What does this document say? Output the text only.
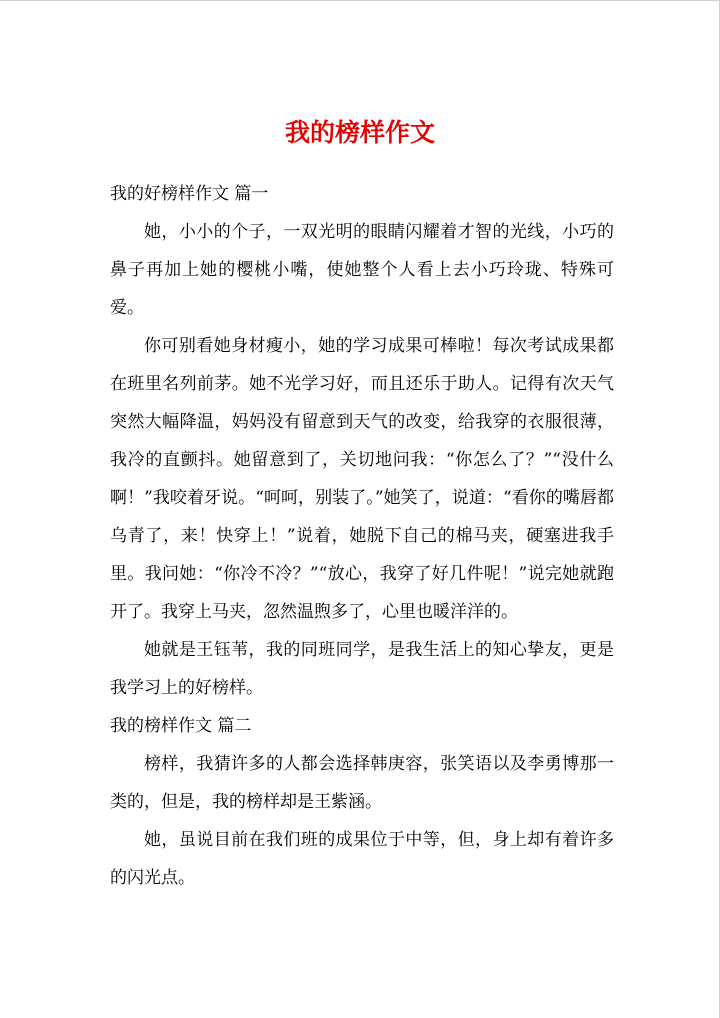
我的榜样作文

我的好榜样作文 篇一

她，小小的个子，一双光明的眼睛闪耀着才智的光线，小巧的鼻子再加上她的樱桃小嘴，使她整个人看上去小巧玲珑、特殊可爱。

你可别看她身材瘦小，她的学习成果可棒啦！每次考试成果都在班里名列前茅。她不光学习好，而且还乐于助人。记得有次天气突然大幅降温，妈妈没有留意到天气的改变，给我穿的衣服很薄，我冷的直颤抖。她留意到了，关切地问我：“你怎么了？”“没什么啊！”我咬着牙说。“呵呵，别装了。”她笑了，说道：“看你的嘴唇都乌青了，来！快穿上！”说着，她脱下自己的棉马夹，硬塞进我手里。我问她：“你冷不冷？”“放心，我穿了好几件呢！”说完她就跑开了。我穿上马夹，忽然温煦多了，心里也暖洋洋的。

她就是王钰苇，我的同班同学，是我生活上的知心挚友，更是我学习上的好榜样。

我的榜样作文 篇二

榜样，我猜许多的人都会选择韩庚容，张笑语以及李勇博那一类的，但是，我的榜样却是王紫涵。

她，虽说目前在我们班的成果位于中等，但，身上却有着许多的闪光点。
